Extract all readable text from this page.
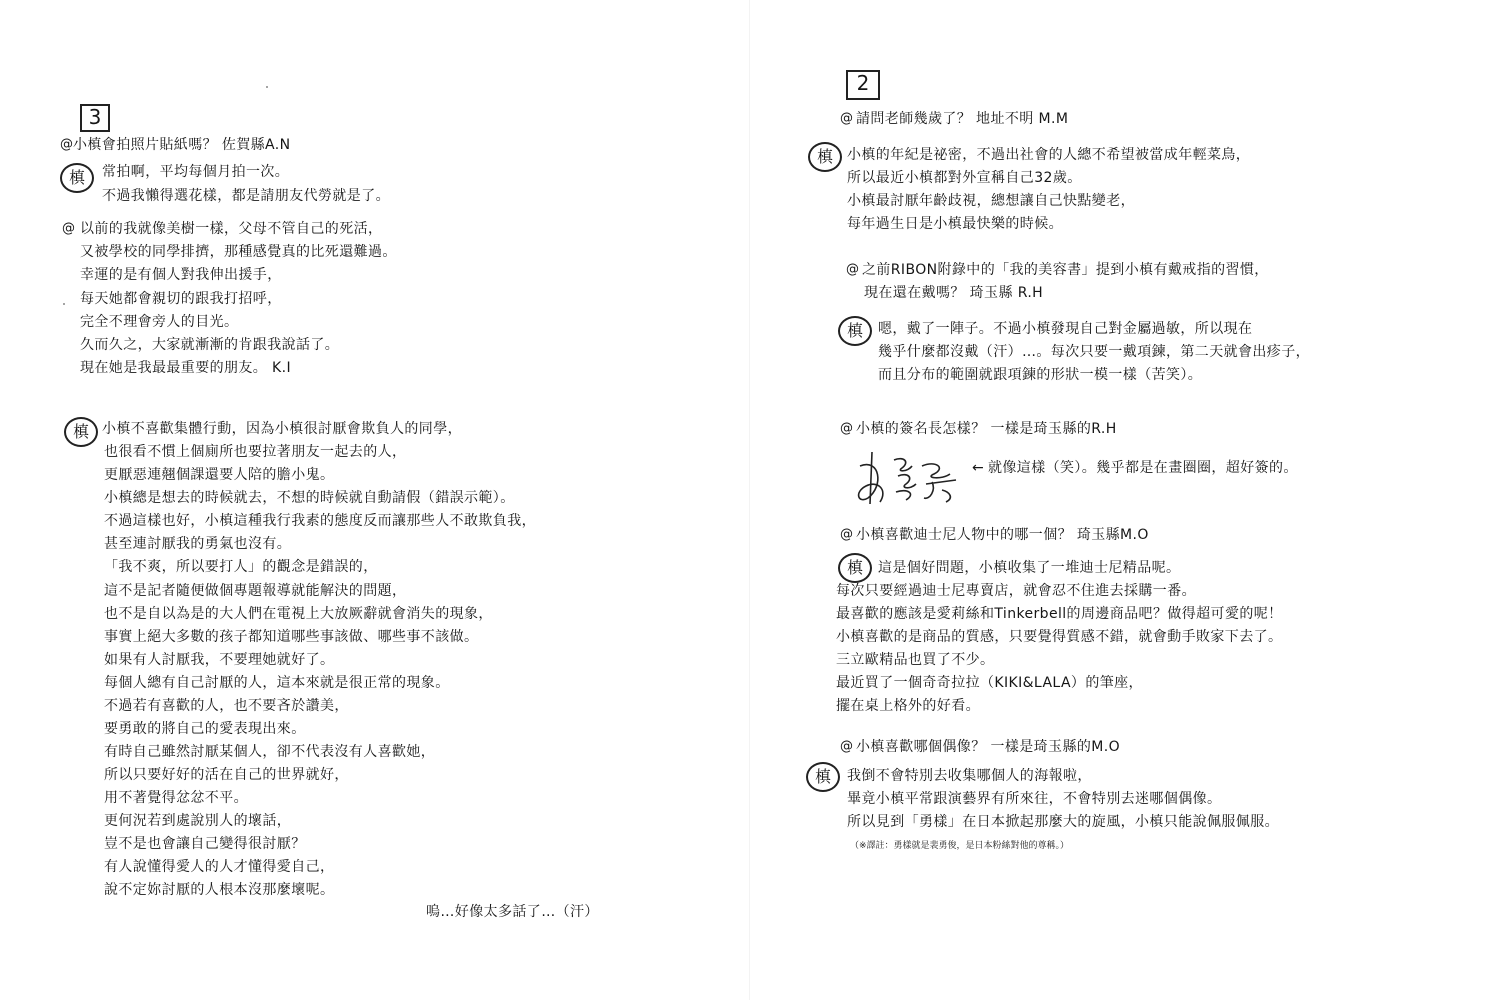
3
@ 小槙會拍照片貼紙嗎？ 佐賀縣A.N
槙	常拍啊，平均每個月拍一次。
不過我懶得選花樣，都是請朋友代勞就是了。
@ 以前的我就像美樹一樣，父母不管自己的死活，
又被學校的同學排擠，那種感覺真的比死還難過。
幸運的是有個人對我伸出援手，
每天她都會親切的跟我打招呼，
完全不理會旁人的目光。
久而久之，大家就漸漸的肯跟我說話了。
現在她是我最最重要的朋友。 K.I
槙 小槙不喜歡集體行動，因為小槙很討厭會欺負人的同學，
也很看不慣上個廁所也要拉著朋友一起去的人，
更厭惡連翹個課還要人陪的膽小鬼。
小槙總是想去的時候就去，不想的時候就自動請假（錯誤示範）。
不過這樣也好，小槙這種我行我素的態度反而讓那些人不敢欺負我，
甚至連討厭我的勇氣也沒有。
「我不爽，所以要打人」的觀念是錯誤的，
這不是記者隨便做個專題報導就能解決的問題，
也不是自以為是的大人們在電視上大放厥辭就會消失的現象，
事實上絕大多數的孩子都知道哪些事該做、哪些事不該做。
如果有人討厭我，不要理她就好了。
每個人總有自己討厭的人，這本來就是很正常的現象。
不過若有喜歡的人，也不要吝於讚美，
要勇敢的將自己的愛表現出來。
有時自己雖然討厭某個人，卻不代表沒有人喜歡她，
所以只要好好的活在自己的世界就好，
用不著覺得忿忿不平。
更何況若到處說別人的壞話，
豈不是也會讓自己變得很討厭？
有人說懂得愛人的人才懂得愛自己，
說不定妳討厭的人根本沒那麼壞呢。
嗚…好像太多話了…（汗）
2
@ 請問老師幾歲了？ 地址不明 M.M
槙	小槙的年紀是祕密，不過出社會的人總不希望被當成年輕菜鳥，
所以最近小槙都對外宣稱自己32歲。
小槙最討厭年齡歧視，總想讓自己快點變老，
每年過生日是小槙最快樂的時候。
@ 之前RIBON附錄中的「我的美容書」提到小槙有戴戒指的習慣，
現在還在戴嗎？ 琦玉縣 R.H
槙	嗯，戴了一陣子。不過小槙發現自己對金屬過敏，所以現在
幾乎什麼都沒戴（汗）…。每次只要一戴項鍊，第二天就會出疹子，
而且分布的範圍就跟項鍊的形狀一模一樣（苦笑）。
@ 小槙的簽名長怎樣？ 一樣是琦玉縣的R.H
← 就像這樣（笑）。幾乎都是在畫圈圈，超好簽的。
@ 小槙喜歡迪士尼人物中的哪一個？ 琦玉縣M.O
槙	這是個好問題，小槙收集了一堆迪士尼精品呢。
每次只要經過迪士尼專賣店，就會忍不住進去採購一番。
最喜歡的應該是愛莉絲和Tinkerbell的周邊商品吧？做得超可愛的呢！
小槙喜歡的是商品的質感，只要覺得質感不錯，就會動手敗家下去了。
三立歐精品也買了不少。
最近買了一個奇奇拉拉（KIKI&LALA）的筆座，
擺在桌上格外的好看。
@ 小槙喜歡哪個偶像？ 一樣是琦玉縣的M.O
槙	我倒不會特別去收集哪個人的海報啦，
畢竟小槙平常跟演藝界有所來往，不會特別去迷哪個偶像。
所以見到「勇樣」在日本掀起那麼大的旋風，小槙只能說佩服佩服。
（※譯註：勇樣就是裴勇俊，是日本粉絲對他的尊稱。）
